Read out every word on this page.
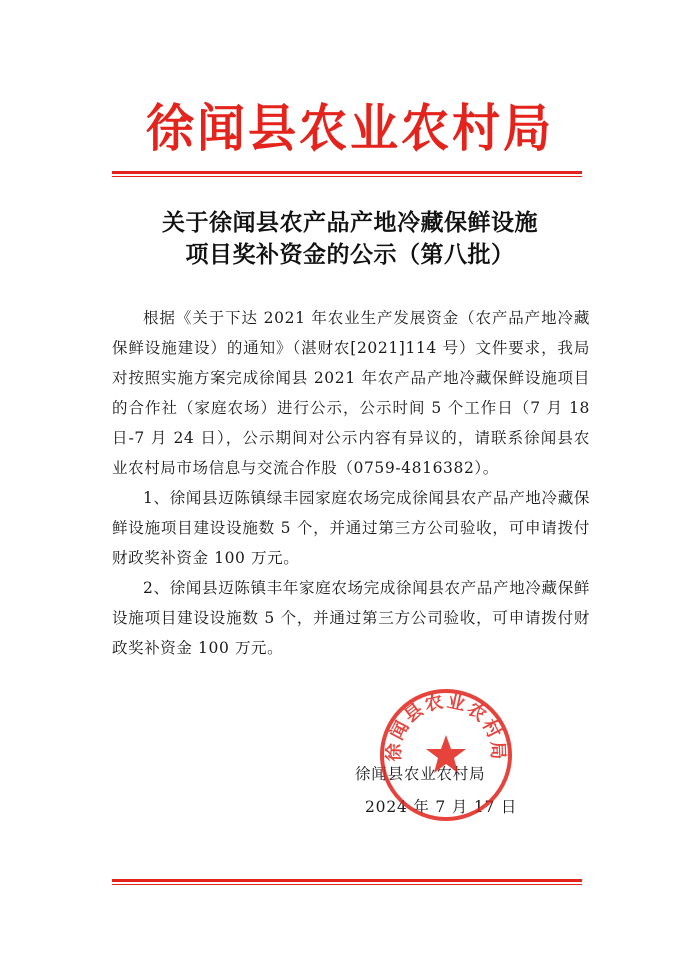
徐闻县农业农村局
关于徐闻县农产品产地冷藏保鲜设施
项目奖补资金的公示（第八批）

根据《关于下达 2021 年农业生产发展资金（农产品产地冷藏保鲜设施建设）的通知》（湛财农[2021]114 号）文件要求，我局对按照实施方案完成徐闻县 2021 年农产品产地冷藏保鲜设施项目的合作社（家庭农场）进行公示，公示时间 5 个工作日（7 月 18 日-7 月 24 日），公示期间对公示内容有异议的，请联系徐闻县农业农村局市场信息与交流合作股（0759-4816382）。

1、徐闻县迈陈镇绿丰园家庭农场完成徐闻县农产品产地冷藏保鲜设施项目建设设施数 5 个，并通过第三方公司验收，可申请拨付财政奖补资金 100 万元。

2、徐闻县迈陈镇丰年家庭农场完成徐闻县农产品产地冷藏保鲜设施项目建设设施数 5 个，并通过第三方公司验收，可申请拨付财政奖补资金 100 万元。

徐闻县农业农村局
2024 年 7 月 17 日
徐闻县农业农村局
